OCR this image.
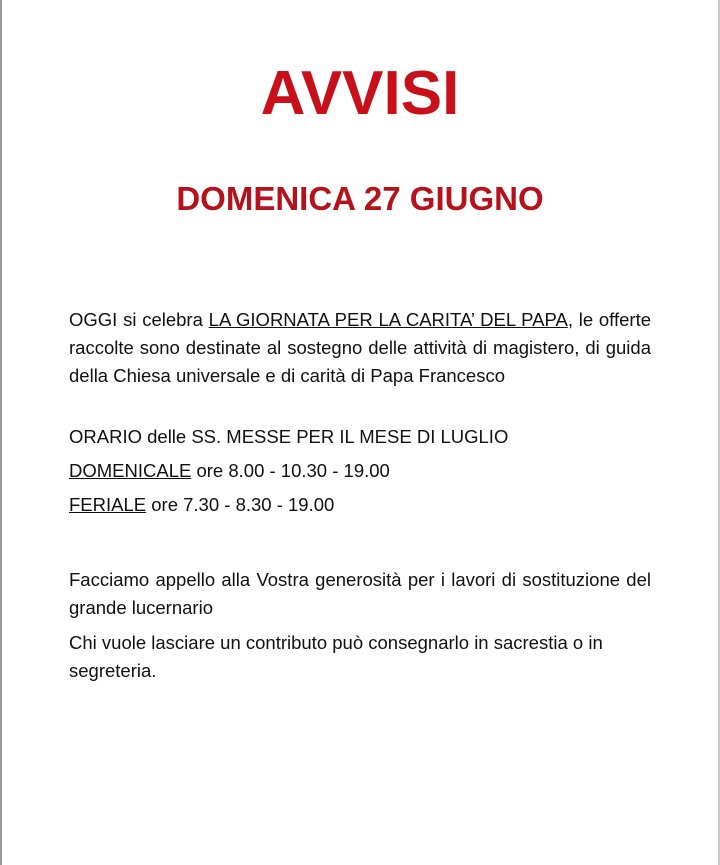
AVVISI
DOMENICA 27 GIUGNO

OGGI si celebra LA GIORNATA PER LA CARITA’ DEL PAPA, le offerte raccolte sono destinate al sostegno delle attività di magistero, di guida della Chiesa universale e di carità di Papa Francesco

ORARIO delle SS. MESSE PER IL MESE DI LUGLIO

DOMENICALE ore 8.00 - 10.30 - 19.00

FERIALE ore 7.30 - 8.30 - 19.00

Facciamo appello alla Vostra generosità per i lavori di sostituzione del grande lucernario

Chi vuole lasciare un contributo può consegnarlo in sacrestia o in segreteria.
